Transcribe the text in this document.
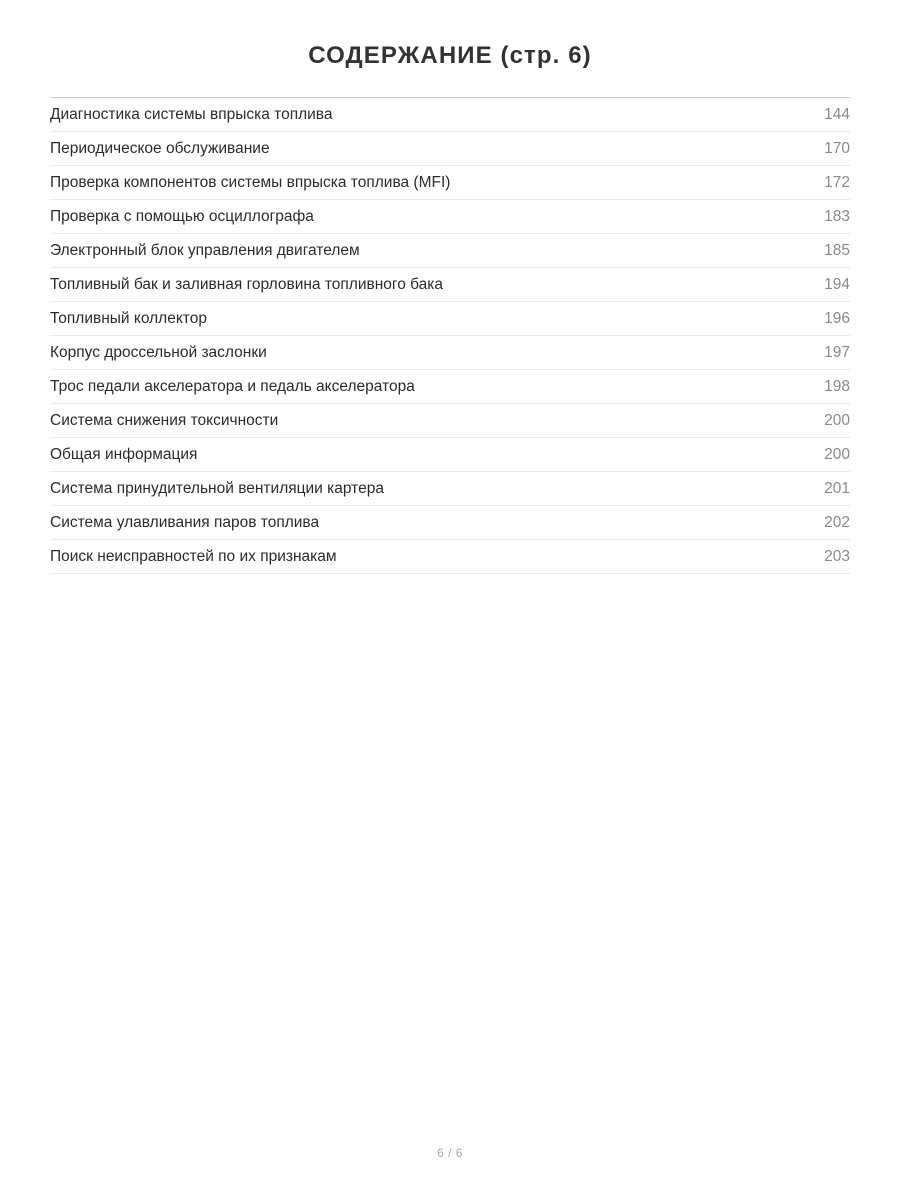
СОДЕРЖАНИЕ (стр. 6)
Диагностика системы впрыска топлива	144
Периодическое обслуживание	170
Проверка компонентов системы впрыска топлива (MFI)	172
Проверка с помощью осциллографа	183
Электронный блок управления двигателем	185
Топливный бак и заливная горловина топливного бака	194
Топливный коллектор	196
Корпус дроссельной заслонки	197
Трос педали акселератора и педаль акселератора	198
Система снижения токсичности	200
Общая информация	200
Система принудительной вентиляции картера	201
Система улавливания паров топлива	202
Поиск неисправностей по их признакам	203
6 / 6
